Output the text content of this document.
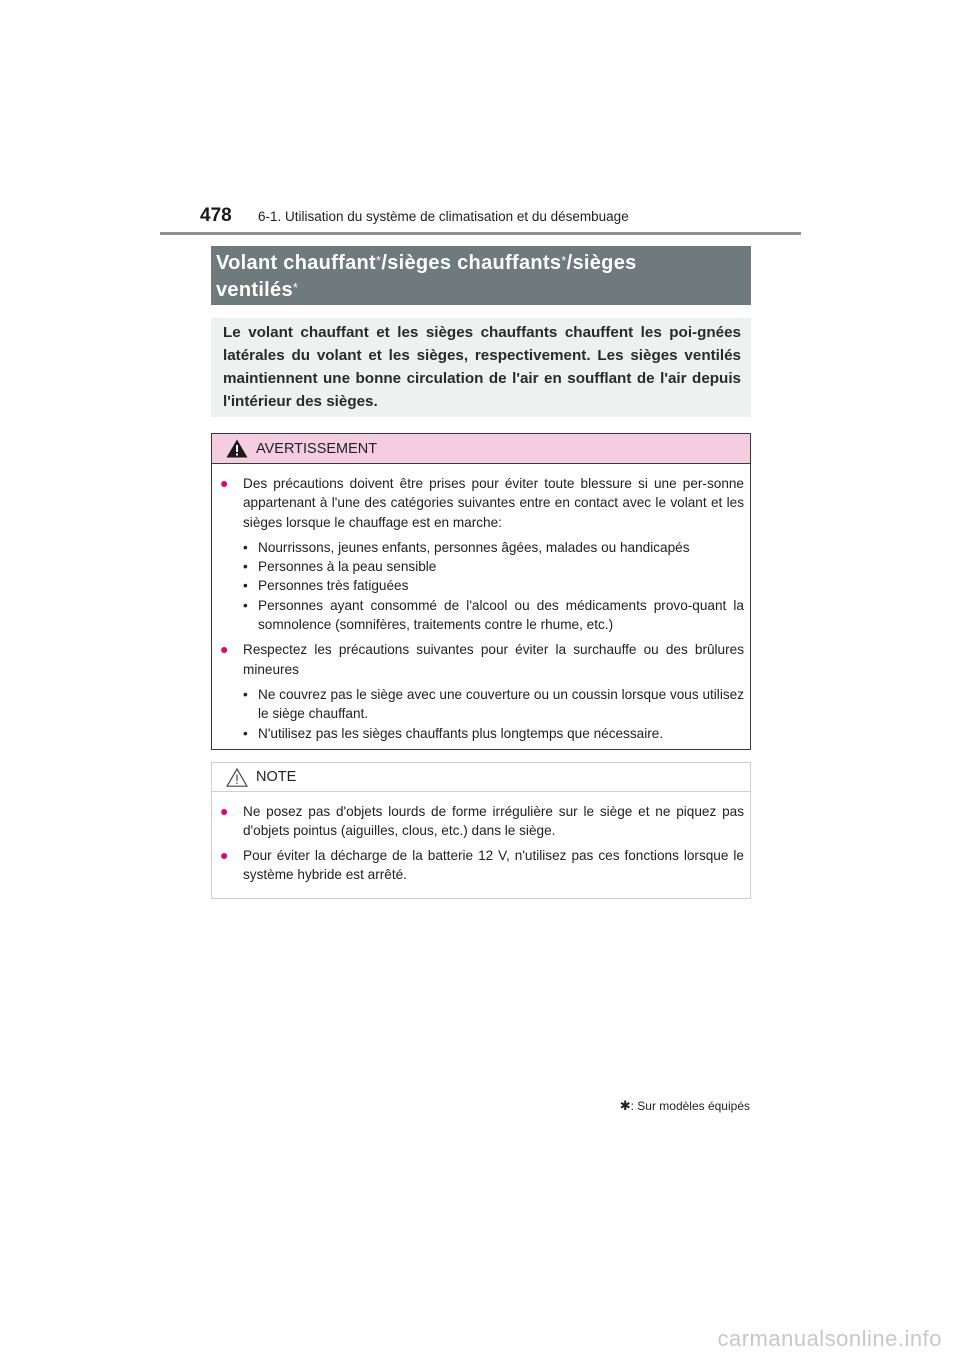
478 6-1. Utilisation du système de climatisation et du désembuage
Volant chauffant*/sièges chauffants*/sièges
ventilés*

Le volant chauffant et les sièges chauffants chauffent les poi-gnées latérales du volant et les sièges, respectivement. Les sièges ventilés maintiennent une bonne circulation de l'air en soufflant de l'air depuis l'intérieur des sièges.

AVERTISSEMENT
●	Des précautions doivent être prises pour éviter toute blessure si une per-sonne appartenant à l'une des catégories suivantes entre en contact avec le volant et les sièges lorsque le chauffage est en marche:
• Nourrissons, jeunes enfants, personnes âgées, malades ou handicapés
• Personnes à la peau sensible
• Personnes très fatiguées
• Personnes ayant consommé de l'alcool ou des médicaments provo-quant la somnolence (somnifères, traitements contre le rhume, etc.)
●	Respectez les précautions suivantes pour éviter la surchauffe ou des brûlures mineures
• Ne couvrez pas le siège avec une couverture ou un coussin lorsque vous utilisez le siège chauffant.
• N'utilisez pas les sièges chauffants plus longtemps que nécessaire.
NOTE
●	Ne posez pas d'objets lourds de forme irrégulière sur le siège et ne piquez pas d'objets pointus (aiguilles, clous, etc.) dans le siège.
●	Pour éviter la décharge de la batterie 12 V, n'utilisez pas ces fonctions lorsque le système hybride est arrêté.
✱: Sur modèles équipés
carmanualsonline.info
